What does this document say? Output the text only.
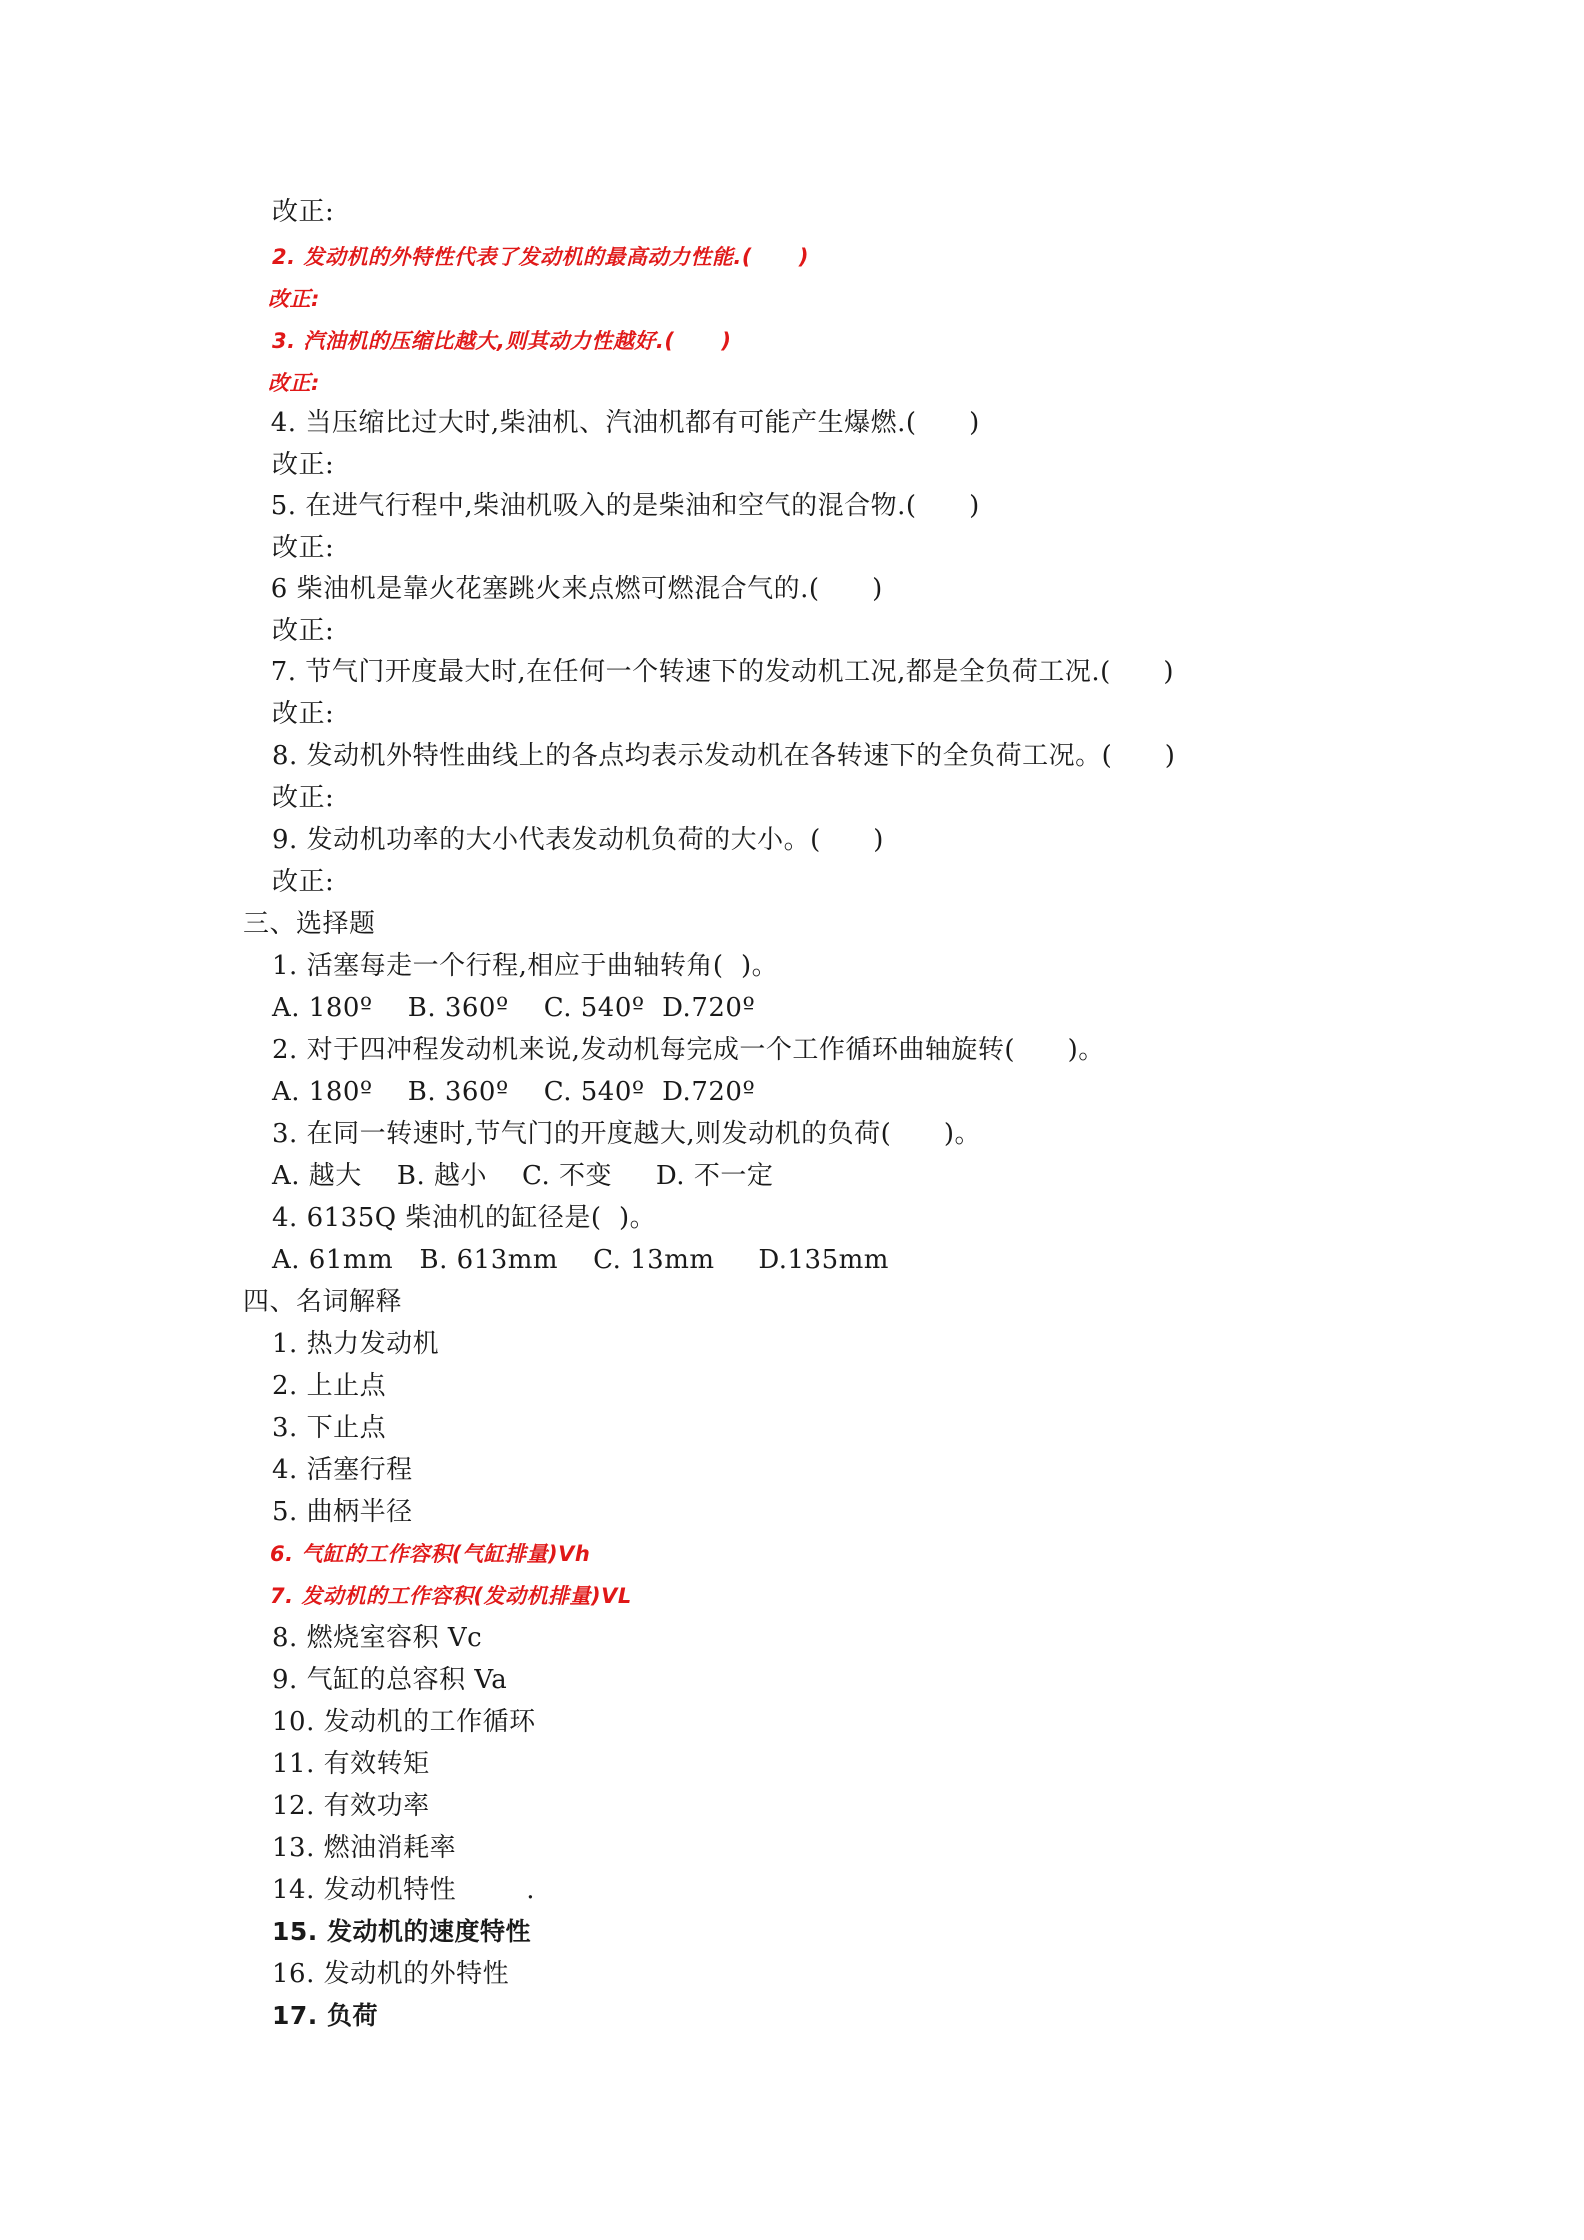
改正:
2. 发动机的外特性代表了发动机的最高动力性能.(      )
改正:
3. 汽油机的压缩比越大,则其动力性越好.(      )
改正:
4. 当压缩比过大时,柴油机、汽油机都有可能产生爆燃.(      )
改正:
5. 在进气行程中,柴油机吸入的是柴油和空气的混合物.(      )
改正:
6 柴油机是靠火花塞跳火来点燃可燃混合气的.(      )
改正:
7. 节气门开度最大时,在任何一个转速下的发动机工况,都是全负荷工况.(      )
改正:
8. 发动机外特性曲线上的各点均表示发动机在各转速下的全负荷工况。(      )
改正:
9. 发动机功率的大小代表发动机负荷的大小。(      )
改正:
三、选择题
1. 活塞每走一个行程,相应于曲轴转角(  )。
A. 180º    B. 360º    C. 540º  D.720º
2. 对于四冲程发动机来说,发动机每完成一个工作循环曲轴旋转(      )。
A. 180º    B. 360º    C. 540º  D.720º
3. 在同一转速时,节气门的开度越大,则发动机的负荷(      )。
A. 越大    B. 越小    C. 不变     D. 不一定
4. 6135Q 柴油机的缸径是(  )。
A. 61mm   B. 613mm    C. 13mm     D.135mm
四、名词解释
1. 热力发动机
2. 上止点
3. 下止点
4. 活塞行程
5. 曲柄半径
6. 气缸的工作容积(气缸排量)Vh
7. 发动机的工作容积(发动机排量)VL
8. 燃烧室容积 Vc
9. 气缸的总容积 Va
10. 发动机的工作循环
11. 有效转矩
12. 有效功率
13. 燃油消耗率
14. 发动机特性        .
15. 发动机的速度特性
16. 发动机的外特性
17. 负荷
